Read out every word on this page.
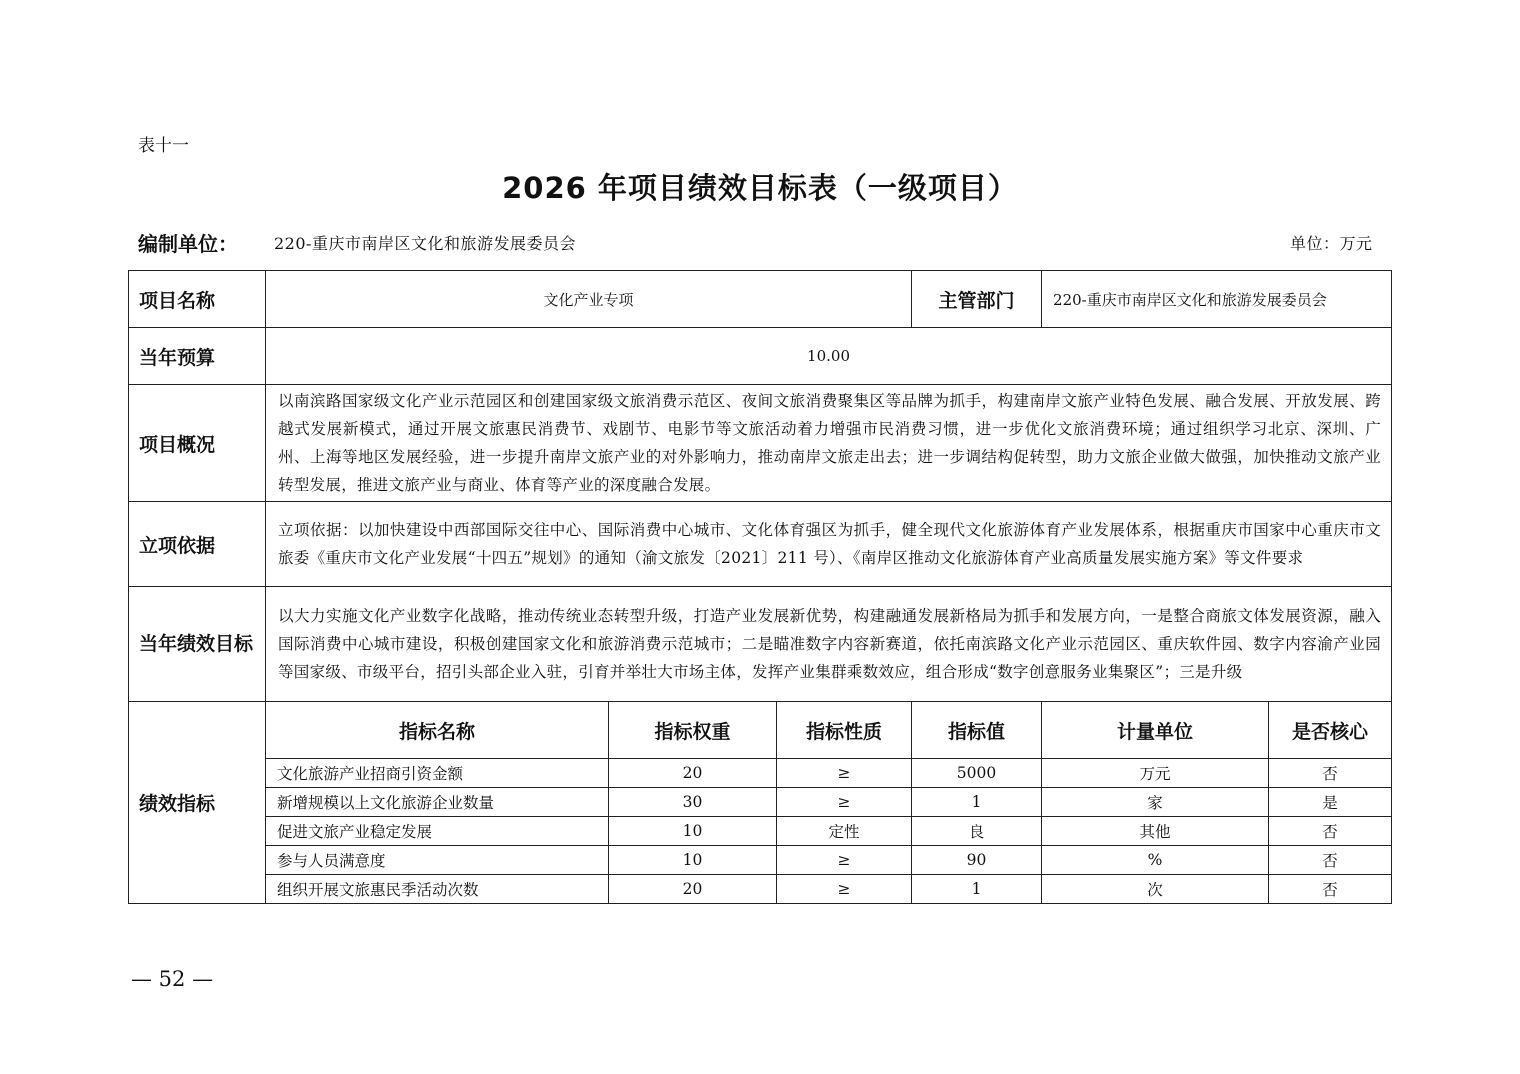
表十一
2026 年项目绩效目标表（一级项目）
编制单位： 220-重庆市南岸区文化和旅游发展委员会	单位：万元
项目名称	文化产业专项			主管部门	220-重庆市南岸区文化和旅游发展委员会	
当年预算	10.00					
项目概况	以南滨路国家级文化产业示范园区和创建国家级文旅消费示范区、夜间文旅消费聚集区等品牌为抓手，构建南岸文旅产业特色发展、融合发展、开放发展、跨越式发展新模式，通过开展文旅惠民消费节、戏剧节、电影节等文旅活动着力增强市民消费习惯，进一步优化文旅消费环境；通过组织学习北京、深圳、广州、上海等地区发展经验，进一步提升南岸文旅产业的对外影响力，推动南岸文旅走出去；进一步调结构促转型，助力文旅企业做大做强，加快推动文旅产业转型发展，推进文旅产业与商业、体育等产业的深度融合发展。					
立项依据	立项依据：以加快建设中西部国际交往中心、国际消费中心城市、文化体育强区为抓手，健全现代文化旅游体育产业发展体系，根据重庆市国家中心重庆市文旅委《重庆市文化产业发展“十四五”规划》的通知（渝文旅发〔2021〕211 号）、《南岸区推动文化旅游体育产业高质量发展实施方案》等文件要求					
当年绩效目标	以大力实施文化产业数字化战略，推动传统业态转型升级，打造产业发展新优势，构建融通发展新格局为抓手和发展方向，一是整合商旅文体发展资源，融入国际消费中心城市建设，积极创建国家文化和旅游消费示范城市；二是瞄准数字内容新赛道，依托南滨路文化产业示范园区、重庆软件园、数字内容渝产业园等国家级、市级平台，招引头部企业入驻，引育并举壮大市场主体，发挥产业集群乘数效应，组合形成“数字创意服务业集聚区”；三是升级					
绩效指标	指标名称	指标权重	指标性质	指标值	计量单位	是否核心
	文化旅游产业招商引资金额	20	≥	5000	万元	否
	新增规模以上文化旅游企业数量	30	≥	1	家	是
	促进文旅产业稳定发展	10	定性	良	其他	否
	参与人员满意度	10	≥	90	%	否
	组织开展文旅惠民季活动次数	20	≥	1	次	否
— 52 —
